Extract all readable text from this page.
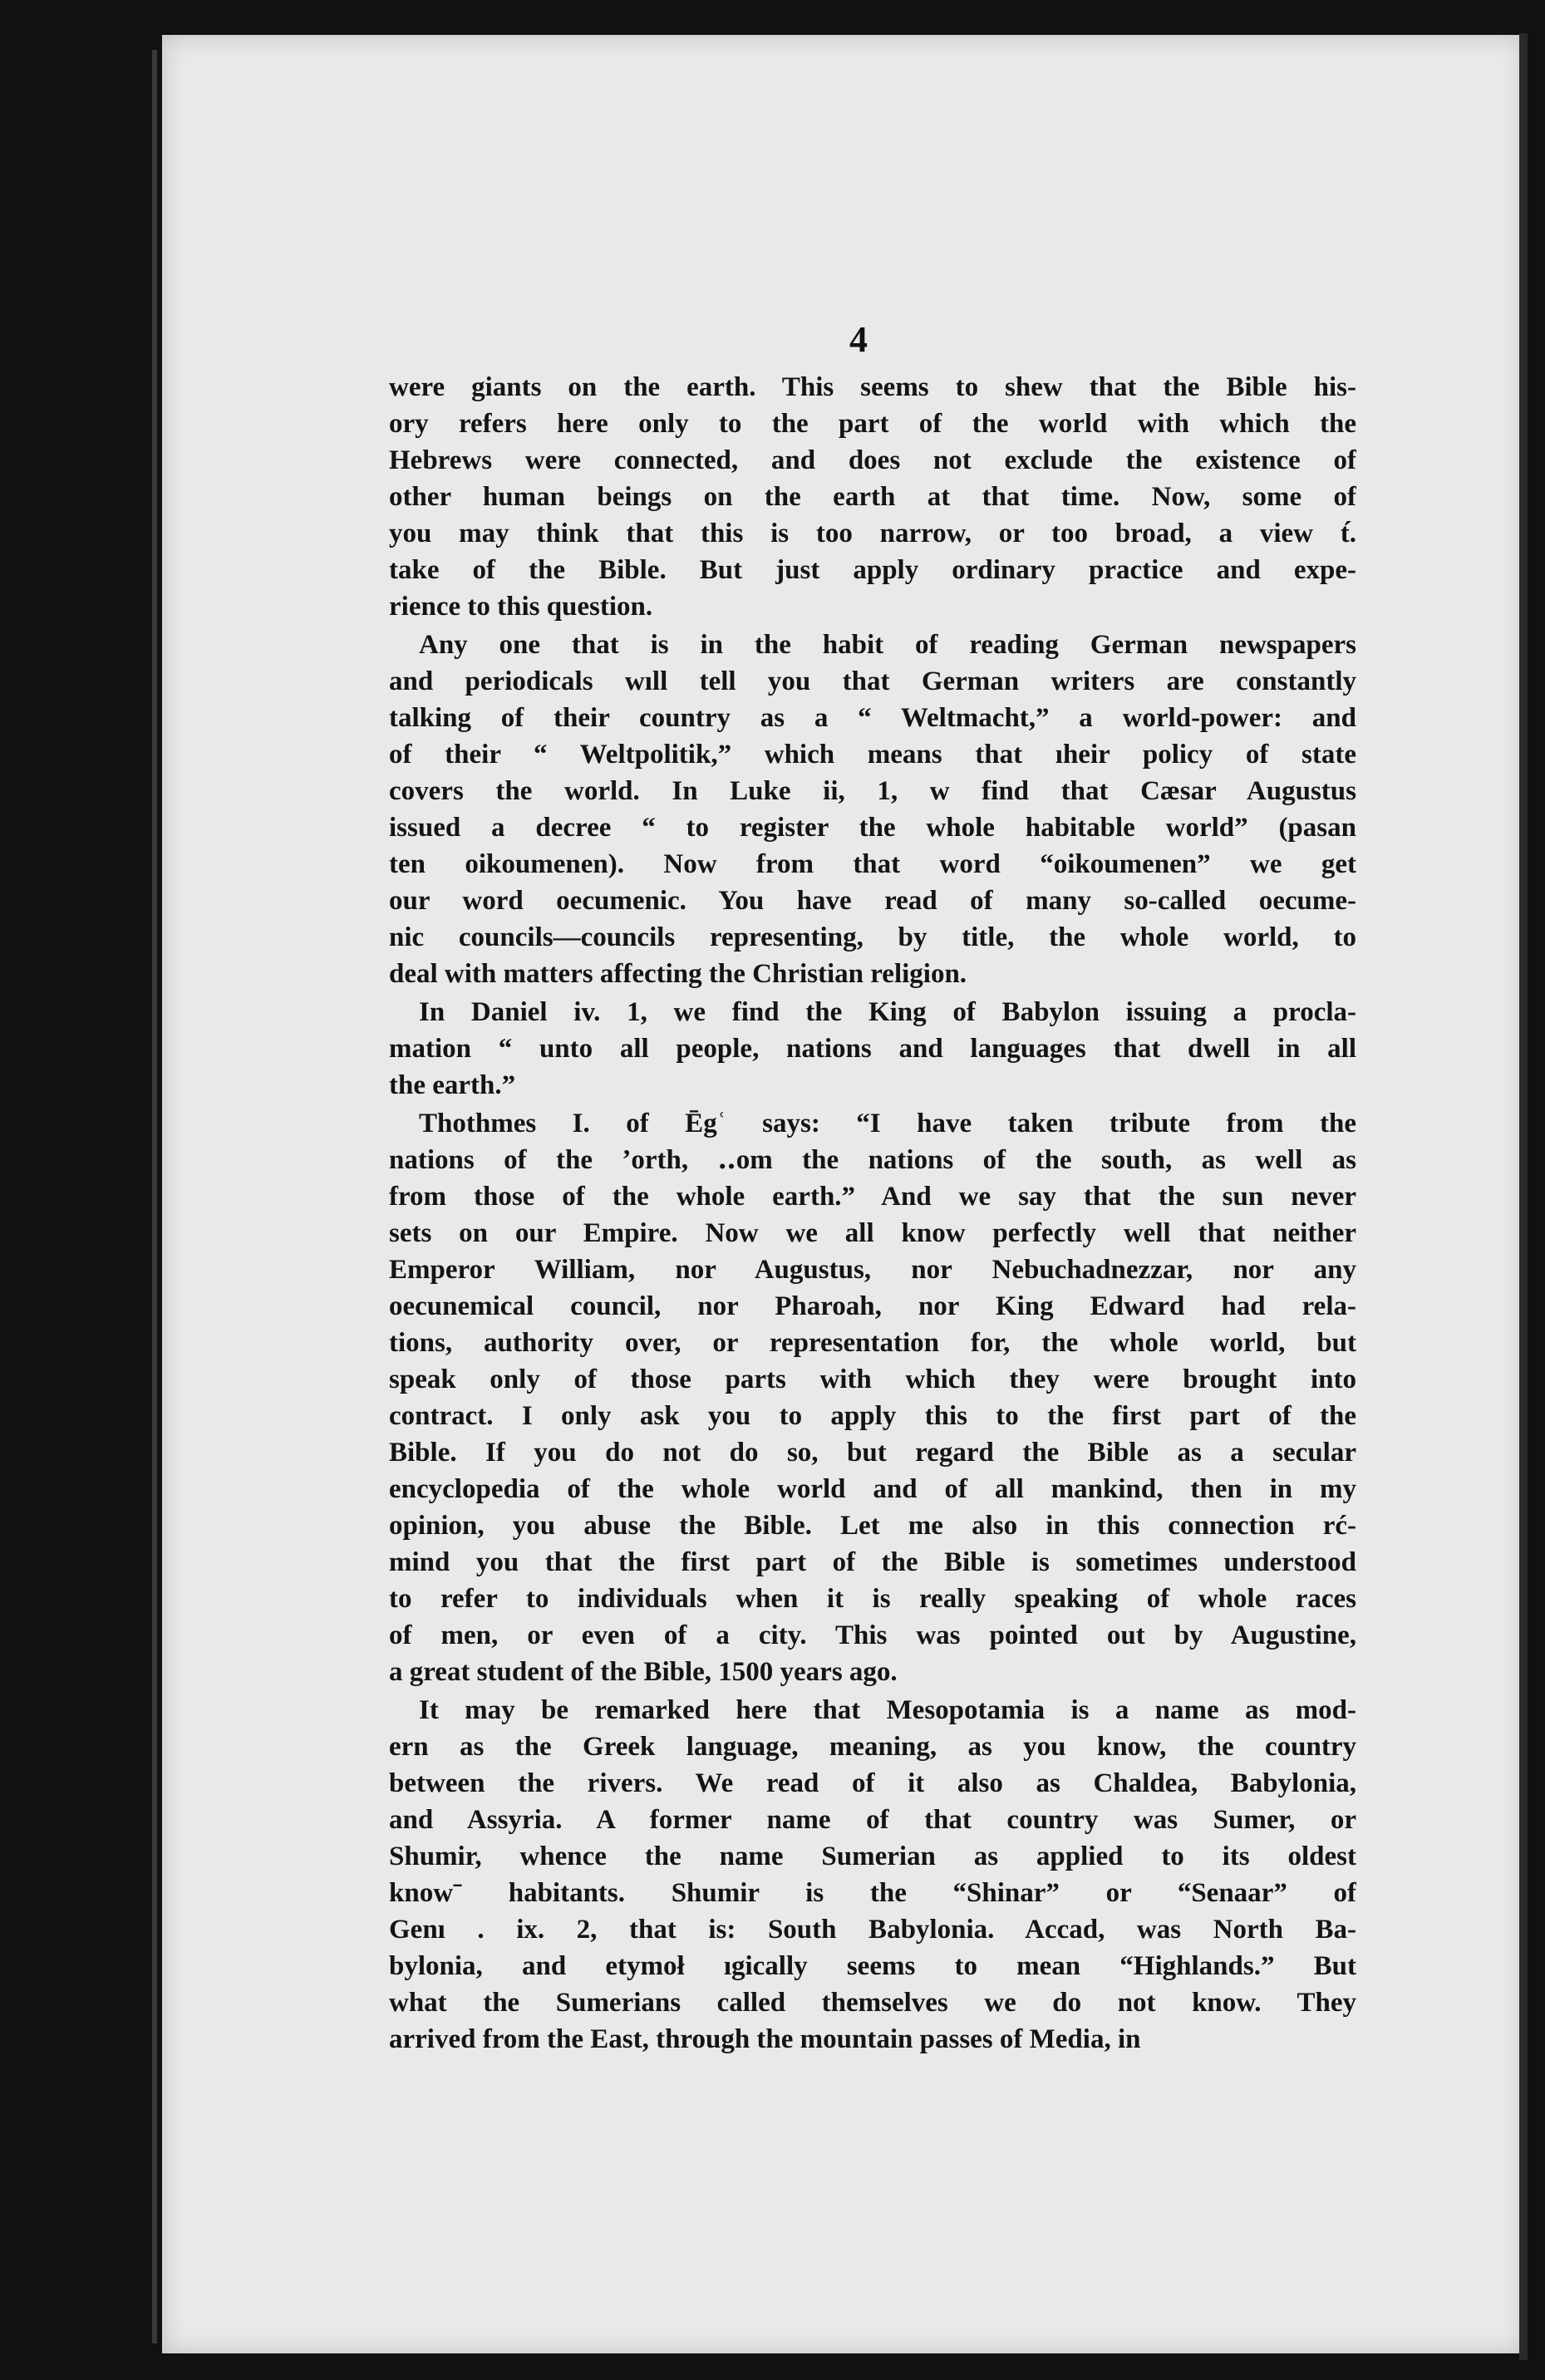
4
were giants on the earth. This seems to shew that the Bible his-
ory refers here only to the part of the world with which the
Hebrews were connected, and does not exclude the existence of
other human beings on the earth at that time. Now, some of
you may think that this is too narrow, or too broad, a view t́.
take of the Bible. But just apply ordinary practice and expe-
rience to this question.
Any one that is in the habit of reading German newspapers
and periodicals wıll tell you that German writers are constantly
talking of their country as a “ Weltmacht,” a world-power: and
of their “ Weltpolitik,” which means that ıheir policy of state
covers the world. In Luke ii, 1, w find that Cæsar Augustus
issued a decree “ to register the whole habitable world” (pasan
ten oikoumenen). Now from that word “oikoumenen” we get
our word oecumenic. You have read of many so-called oecume-
nic councils—councils representing, by title, the whole world, to
deal with matters affecting the Christian religion.
In Daniel iv. 1, we find the King of Babylon issuing a procla-
mation “ unto all people, nations and languages that dwell in all
the earth.”
Thothmes I. of Ēgʿ says: “I have taken tribute from the
nations of the ʼorth, ‥om the nations of the south, as well as
from those of the whole earth.” And we say that the sun never
sets on our Empire. Now we all know perfectly well that neither
Emperor William, nor Augustus, nor Nebuchadnezzar, nor any
oecunemical council, nor Pharoah, nor King Edward had rela-
tions, authority over, or representation for, the whole world, but
speak only of those parts with which they were brought into
contract. I only ask you to apply this to the first part of the
Bible. If you do not do so, but regard the Bible as a secular
encyclopedia of the whole world and of all mankind, then in my
opinion, you abuse the Bible. Let me also in this connection rć-
mind you that the first part of the Bible is sometimes understood
to refer to individuals when it is really speaking of whole races
of men, or even of a city. This was pointed out by Augustine,
a great student of the Bible, 1500 years ago.
It may be remarked here that Mesopotamia is a name as mod-
ern as the Greek language, meaning, as you know, the country
between the rivers. We read of it also as Chaldea, Babylonia,
and Assyria. A former name of that country was Sumer, or
Shumir, whence the name Sumerian as applied to its oldest
knowˉ habitants. Shumir is the “Shinar” or “Senaar” of
Genı . ix. 2, that is: South Babylonia. Accad, was North Ba-
bylonia, and etymoł ıgically seems to mean “Highlands.” But
what the Sumerians called themselves we do not know. They
arrived from the East, through the mountain passes of Media, in
